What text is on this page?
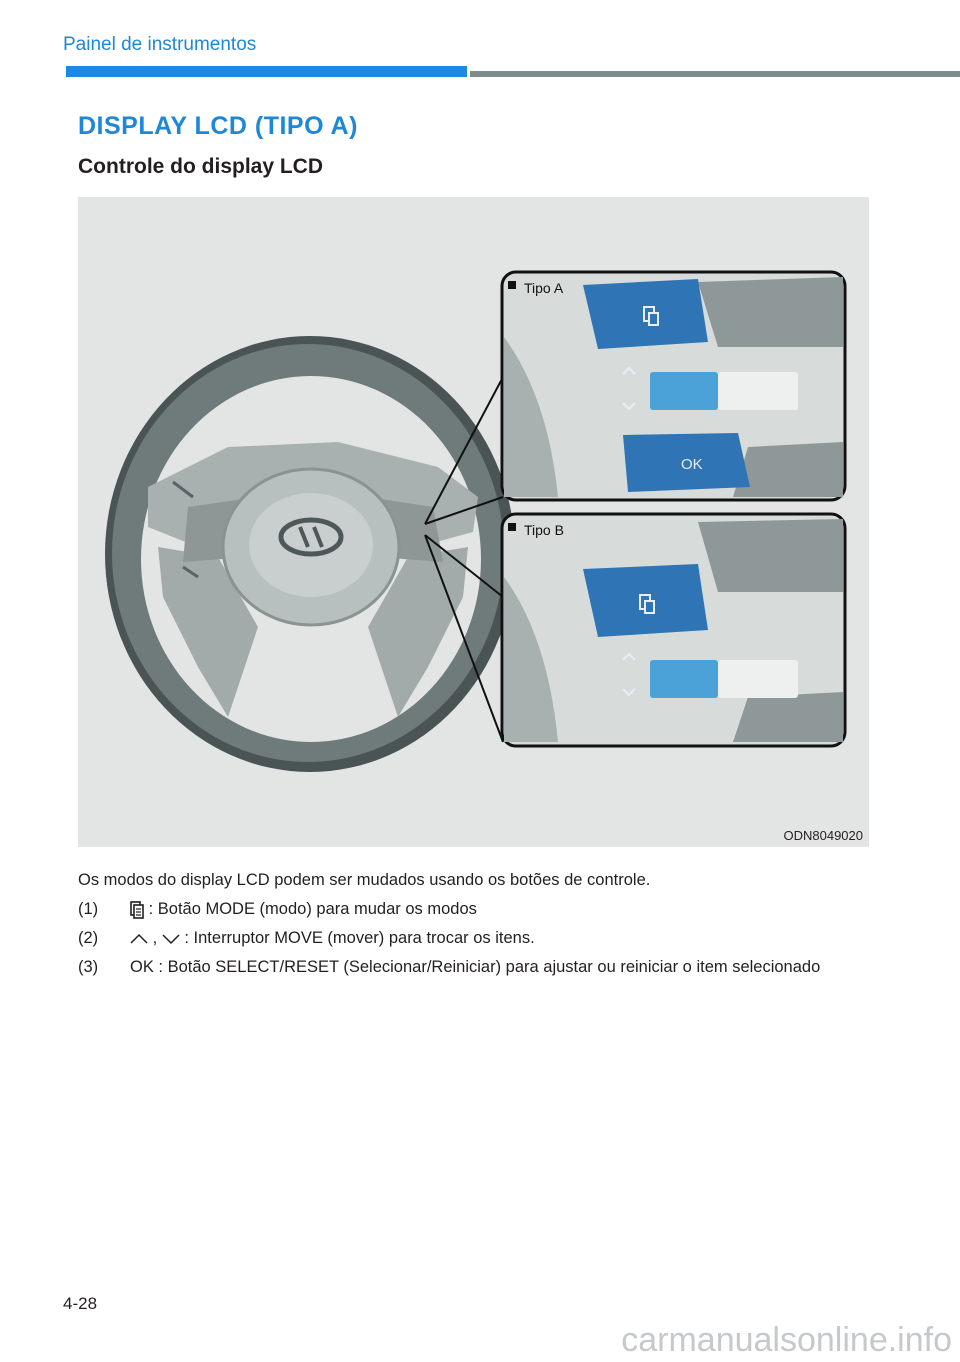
Painel de instrumentos
DISPLAY LCD (TIPO A)
Controle do display LCD
OK
Tipo A
Tipo B
ODN8049020
Os modos do display LCD podem ser mudados usando os botões de controle.
(1)	: Botão MODE (modo) para mudar os modos
(2)	, : Interruptor MOVE (mover) para trocar os itens.
(3) OK : Botão SELECT/RESET (Selecionar/Reiniciar) para ajustar ou reiniciar o item selecionado
4-28
carmanualsonline.info
